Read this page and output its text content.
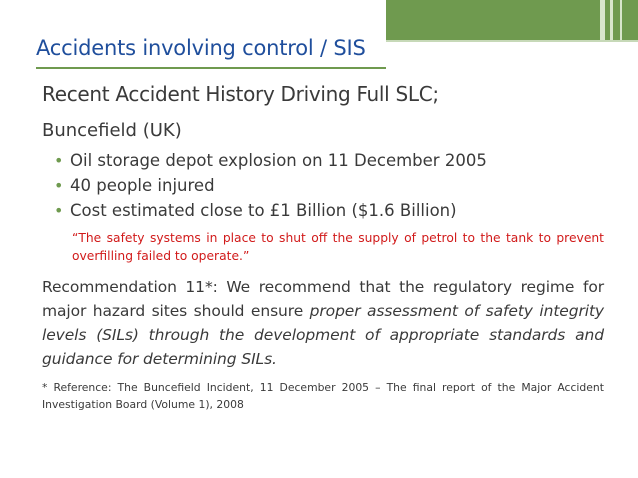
Accidents involving control / SIS
Recent Accident History Driving Full SLC;
Buncefield (UK)
• Oil storage depot explosion on 11 December 2005
• 40 people injured
• Cost estimated close to £1 Billion ($1.6 Billion)
“The safety systems in place to shut off the supply of petrol to the tank to prevent overfilling failed to operate.”

Recommendation 11*: We recommend that the regulatory regime for major hazard sites should ensure proper assessment of safety integrity levels (SILs) through the development of appropriate standards and guidance for determining SILs.

* Reference: The Buncefield Incident, 11 December 2005 – The final report of the Major Accident Investigation Board (Volume 1), 2008
